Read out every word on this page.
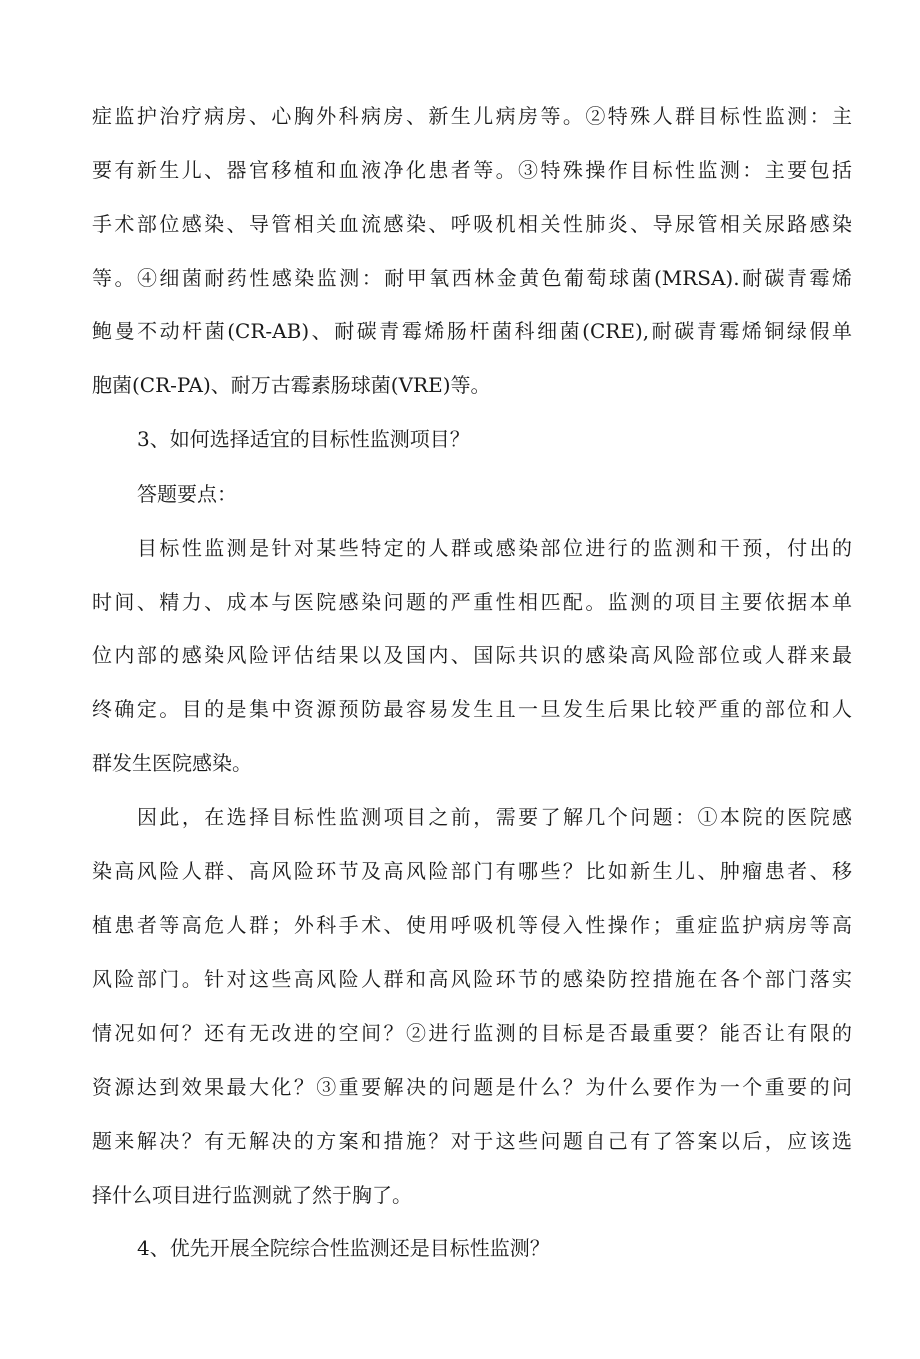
症监护治疗病房、心胸外科病房、新生儿病房等。②特殊人群目标性监测：主
要有新生儿、器官移植和血液净化患者等。③特殊操作目标性监测：主要包括
手术部位感染、导管相关血流感染、呼吸机相关性肺炎、导尿管相关尿路感染
等。④细菌耐药性感染监测：耐甲氧西林金黄色葡萄球菌(MRSA).耐碳青霉烯
鲍曼不动杆菌(CR-AB)、耐碳青霉烯肠杆菌科细菌(CRE),耐碳青霉烯铜绿假单
胞菌(CR-PA)、耐万古霉素肠球菌(VRE)等。
3、如何选择适宜的目标性监测项目？
答题要点：
目标性监测是针对某些特定的人群或感染部位进行的监测和干预，付出的
时间、精力、成本与医院感染问题的严重性相匹配。监测的项目主要依据本单
位内部的感染风险评估结果以及国内、国际共识的感染高风险部位或人群来最
终确定。目的是集中资源预防最容易发生且一旦发生后果比较严重的部位和人
群发生医院感染。
因此，在选择目标性监测项目之前，需要了解几个问题：①本院的医院感
染高风险人群、高风险环节及高风险部门有哪些？比如新生儿、肿瘤患者、移
植患者等高危人群；外科手术、使用呼吸机等侵入性操作；重症监护病房等高
风险部门。针对这些高风险人群和高风险环节的感染防控措施在各个部门落实
情况如何？还有无改进的空间？②进行监测的目标是否最重要？能否让有限的
资源达到效果最大化？③重要解决的问题是什么？为什么要作为一个重要的问
题来解决？有无解决的方案和措施？对于这些问题自己有了答案以后，应该选
择什么项目进行监测就了然于胸了。
4、优先开展全院综合性监测还是目标性监测？
